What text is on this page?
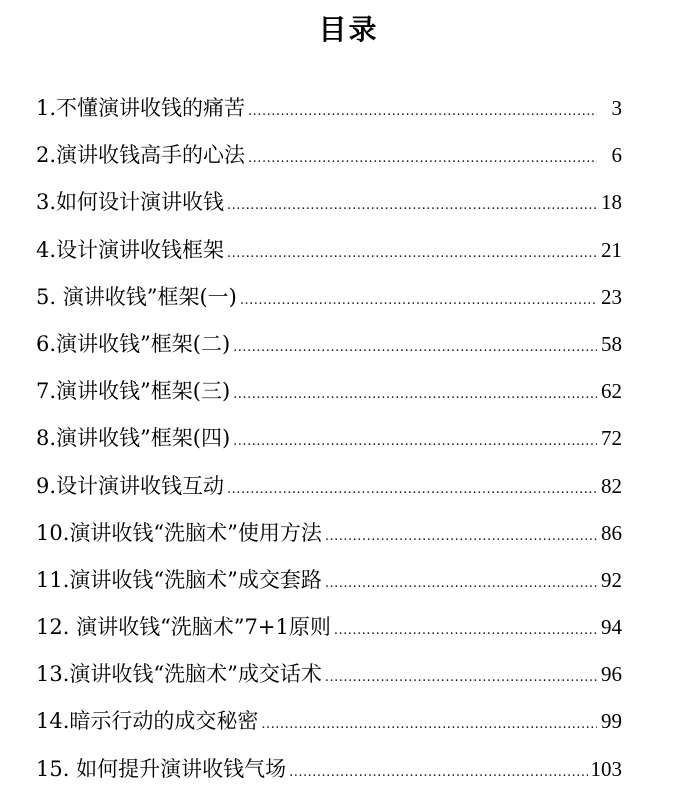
目录
1.不懂演讲收钱的痛苦 .....	3
2.演讲收钱高手的心法 .....	6
3.如何设计演讲收钱 .....	18
4.设计演讲收钱框架 .....	21
5. 演讲收钱”框架(一) .....	23
6.演讲收钱”框架(二) .....	58
7.演讲收钱”框架(三) .....	62
8.演讲收钱”框架(四) .....	72
9.设计演讲收钱互动 .....	82
10.演讲收钱“洗脑术”使用方法 .....	86
11.演讲收钱“洗脑术”成交套路 .....	92
12. 演讲收钱“洗脑术”7+1原则 .....	94
13.演讲收钱“洗脑术”成交话术 .....	96
14.暗示行动的成交秘密 .....	99
15. 如何提升演讲收钱气场 .....	103
